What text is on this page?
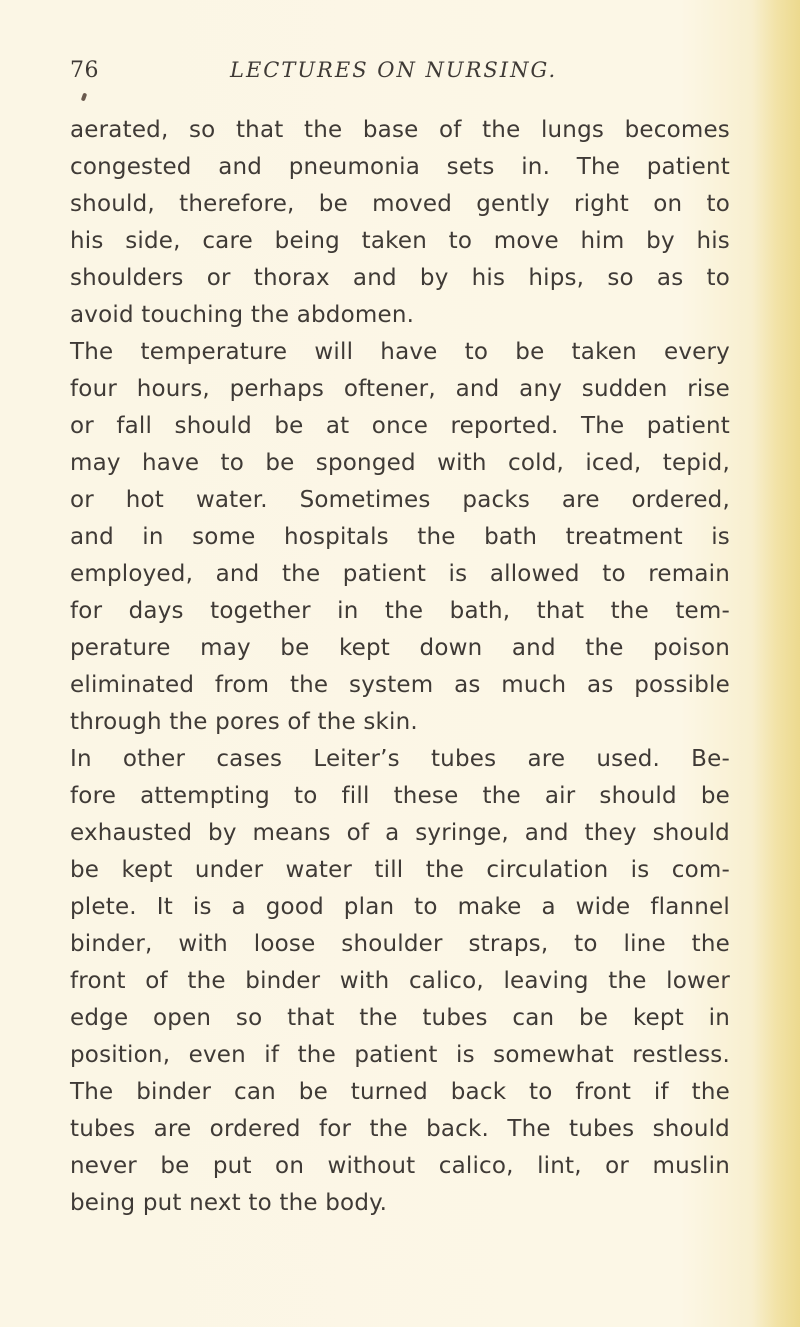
76	LECTURES ON NURSING.
aerated, so that the base of the lungs becomes
congested and pneumonia sets in. The patient
should, therefore, be moved gently right on to
his side, care being taken to move him by his
shoulders or thorax and by his hips, so as to
avoid touching the abdomen.
The temperature will have to be taken every
four hours, perhaps oftener, and any sudden rise
or fall should be at once reported. The patient
may have to be sponged with cold, iced, tepid,
or hot water. Sometimes packs are ordered,
and in some hospitals the bath treatment is
employed, and the patient is allowed to remain
for days together in the bath, that the tem-
perature may be kept down and the poison
eliminated from the system as much as possible
through the pores of the skin.
In other cases Leiter’s tubes are used. Be-
fore attempting to fill these the air should be
exhausted by means of a syringe, and they should
be kept under water till the circulation is com-
plete. It is a good plan to make a wide flannel
binder, with loose shoulder straps, to line the
front of the binder with calico, leaving the lower
edge open so that the tubes can be kept in
position, even if the patient is somewhat restless.
The binder can be turned back to front if the
tubes are ordered for the back. The tubes should
never be put on without calico, lint, or muslin
being put next to the body.
